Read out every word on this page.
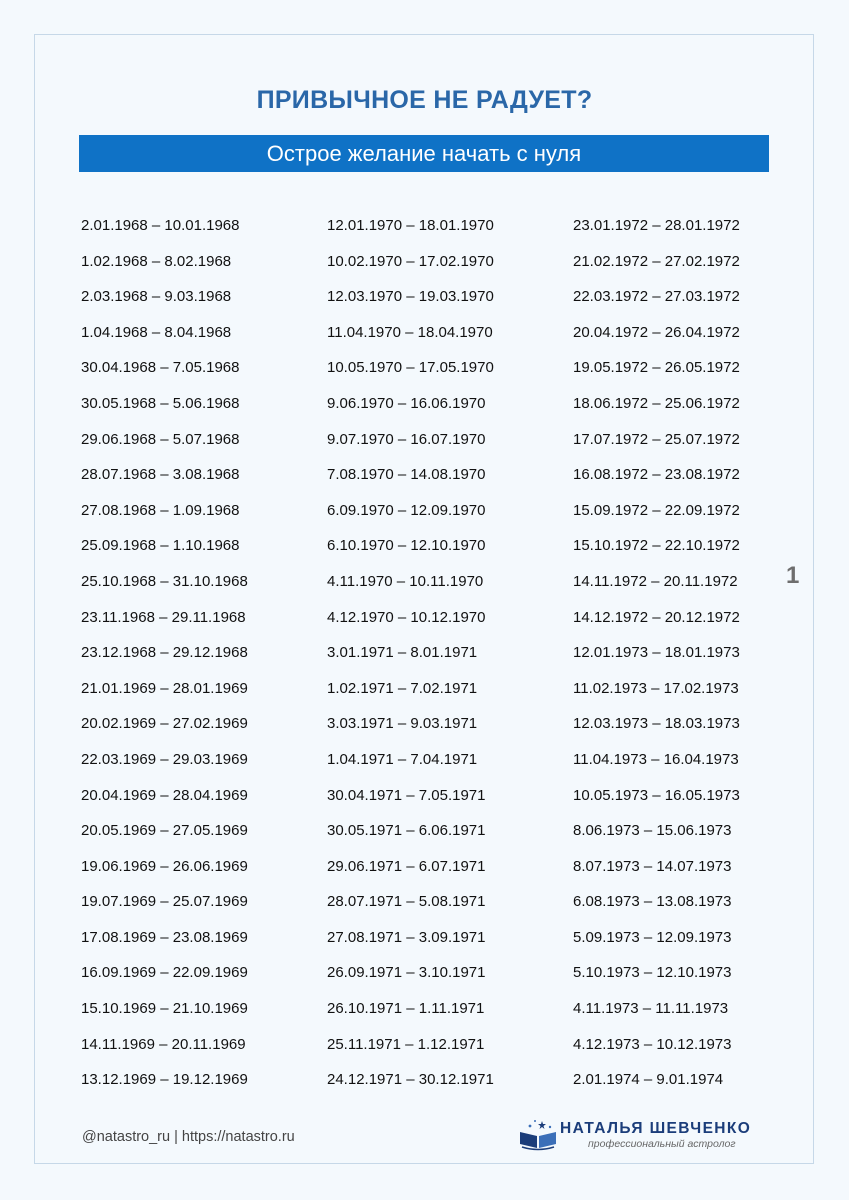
ПРИВЫЧНОЕ НЕ РАДУЕТ?
Острое желание начать с нуля
2.01.1968 – 10.01.1968
1.02.1968 – 8.02.1968
2.03.1968 – 9.03.1968
1.04.1968 – 8.04.1968
30.04.1968 – 7.05.1968
30.05.1968 – 5.06.1968
29.06.1968 – 5.07.1968
28.07.1968 – 3.08.1968
27.08.1968 – 1.09.1968
25.09.1968 – 1.10.1968
25.10.1968 – 31.10.1968
23.11.1968 – 29.11.1968
23.12.1968 – 29.12.1968
21.01.1969 – 28.01.1969
20.02.1969 – 27.02.1969
22.03.1969 – 29.03.1969
20.04.1969 – 28.04.1969
20.05.1969 – 27.05.1969
19.06.1969 – 26.06.1969
19.07.1969 – 25.07.1969
17.08.1969 – 23.08.1969
16.09.1969 – 22.09.1969
15.10.1969 – 21.10.1969
14.11.1969 – 20.11.1969
13.12.1969 – 19.12.1969
12.01.1970 – 18.01.1970
10.02.1970 – 17.02.1970
12.03.1970 – 19.03.1970
11.04.1970 – 18.04.1970
10.05.1970 – 17.05.1970
9.06.1970 – 16.06.1970
9.07.1970 – 16.07.1970
7.08.1970 – 14.08.1970
6.09.1970 – 12.09.1970
6.10.1970 – 12.10.1970
4.11.1970 – 10.11.1970
4.12.1970 – 10.12.1970
3.01.1971 – 8.01.1971
1.02.1971 – 7.02.1971
3.03.1971 – 9.03.1971
1.04.1971 – 7.04.1971
30.04.1971 – 7.05.1971
30.05.1971 – 6.06.1971
29.06.1971 – 6.07.1971
28.07.1971 – 5.08.1971
27.08.1971 – 3.09.1971
26.09.1971 – 3.10.1971
26.10.1971 – 1.11.1971
25.11.1971 – 1.12.1971
24.12.1971 – 30.12.1971
23.01.1972 – 28.01.1972
21.02.1972 – 27.02.1972
22.03.1972 – 27.03.1972
20.04.1972 – 26.04.1972
19.05.1972 – 26.05.1972
18.06.1972 – 25.06.1972
17.07.1972 – 25.07.1972
16.08.1972 – 23.08.1972
15.09.1972 – 22.09.1972
15.10.1972 – 22.10.1972
14.11.1972 – 20.11.1972
14.12.1972 – 20.12.1972
12.01.1973 – 18.01.1973
11.02.1973 – 17.02.1973
12.03.1973 – 18.03.1973
11.04.1973 – 16.04.1973
10.05.1973 – 16.05.1973
8.06.1973 – 15.06.1973
8.07.1973 – 14.07.1973
6.08.1973 – 13.08.1973
5.09.1973 – 12.09.1973
5.10.1973 – 12.10.1973
4.11.1973 – 11.11.1973
4.12.1973 – 10.12.1973
2.01.1974 – 9.01.1974
1
@natastro_ru | https://natastro.ru	НАТАЛЬЯ ШЕВЧЕНКО
профессиональный астролог
